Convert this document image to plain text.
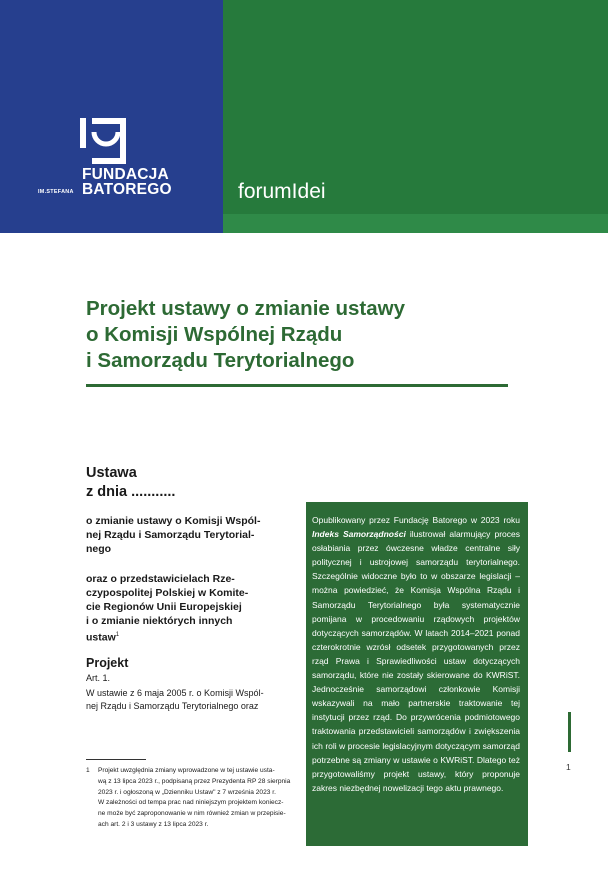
FUNDACJA
BATOREGO
IM.STEFANA	forumIdei
Projekt ustawy o zmianie ustawy
o Komisji Wspólnej Rządu
i Samorządu Terytorialnego
Ustawa
z dnia ...........
o zmianie ustawy o Komisji Wspól-
nej Rządu i Samorządu Terytorial-
nego
oraz o przedstawicielach Rze-
czypospolitej Polskiej w Komite-
cie Regionów Unii Europejskiej
i o zmianie niektórych innych
ustaw$^1$
Projekt
Art. 1.
W ustawie z 6 maja 2005 r. o Komisji Wspól-
nej Rządu i Samorządu Terytorialnego oraz
1 Projekt uwzględnia zmiany wprowadzone w tej ustawie usta-
wą z 13 lipca 2023 r., podpisaną przez Prezydenta RP 28 sierpnia
2023 r. i ogłoszoną w „Dzienniku Ustaw" z 7 września 2023 r.
W zależności od tempa prac nad niniejszym projektem koniecz-
ne może być zaproponowanie w nim również zmian w przepisie-
ach art. 2 i 3 ustawy z 13 lipca 2023 r.
Opublikowany przez Fundację Batorego w 2023 roku Indeks Samorządności ilustrował alarmujący proces osłabiania przez ówczesne władze centralne siły politycznej i ustrojowej samorządu terytorialnego. Szczególnie widoczne było to w obszarze legislacji – można powiedzieć, że Komisja Wspólna Rządu i Samorządu Terytorialnego była systematycznie pomijana w procedowaniu rządowych projektów dotyczących samorządów. W latach 2014–2021 ponad czterokrotnie wzrósł odsetek przygotowanych przez rząd Prawa i Sprawiedliwości ustaw dotyczących samorządu, które nie zostały skierowane do KWRiST. Jednocześnie samorządowi członkowie Komisji wskazywali na mało partnerskie traktowanie tej instytucji przez rząd. Do przywrócenia podmiotowego traktowania przedstawicieli samorządów i zwiększenia ich roli w procesie legislacyjnym dotyczącym samorząd potrzebne są zmiany w ustawie o KWRiST. Dlatego też przygotowaliśmy projekt ustawy, który proponuje zakres niezbędnej nowelizacji tego aktu prawnego.
1
